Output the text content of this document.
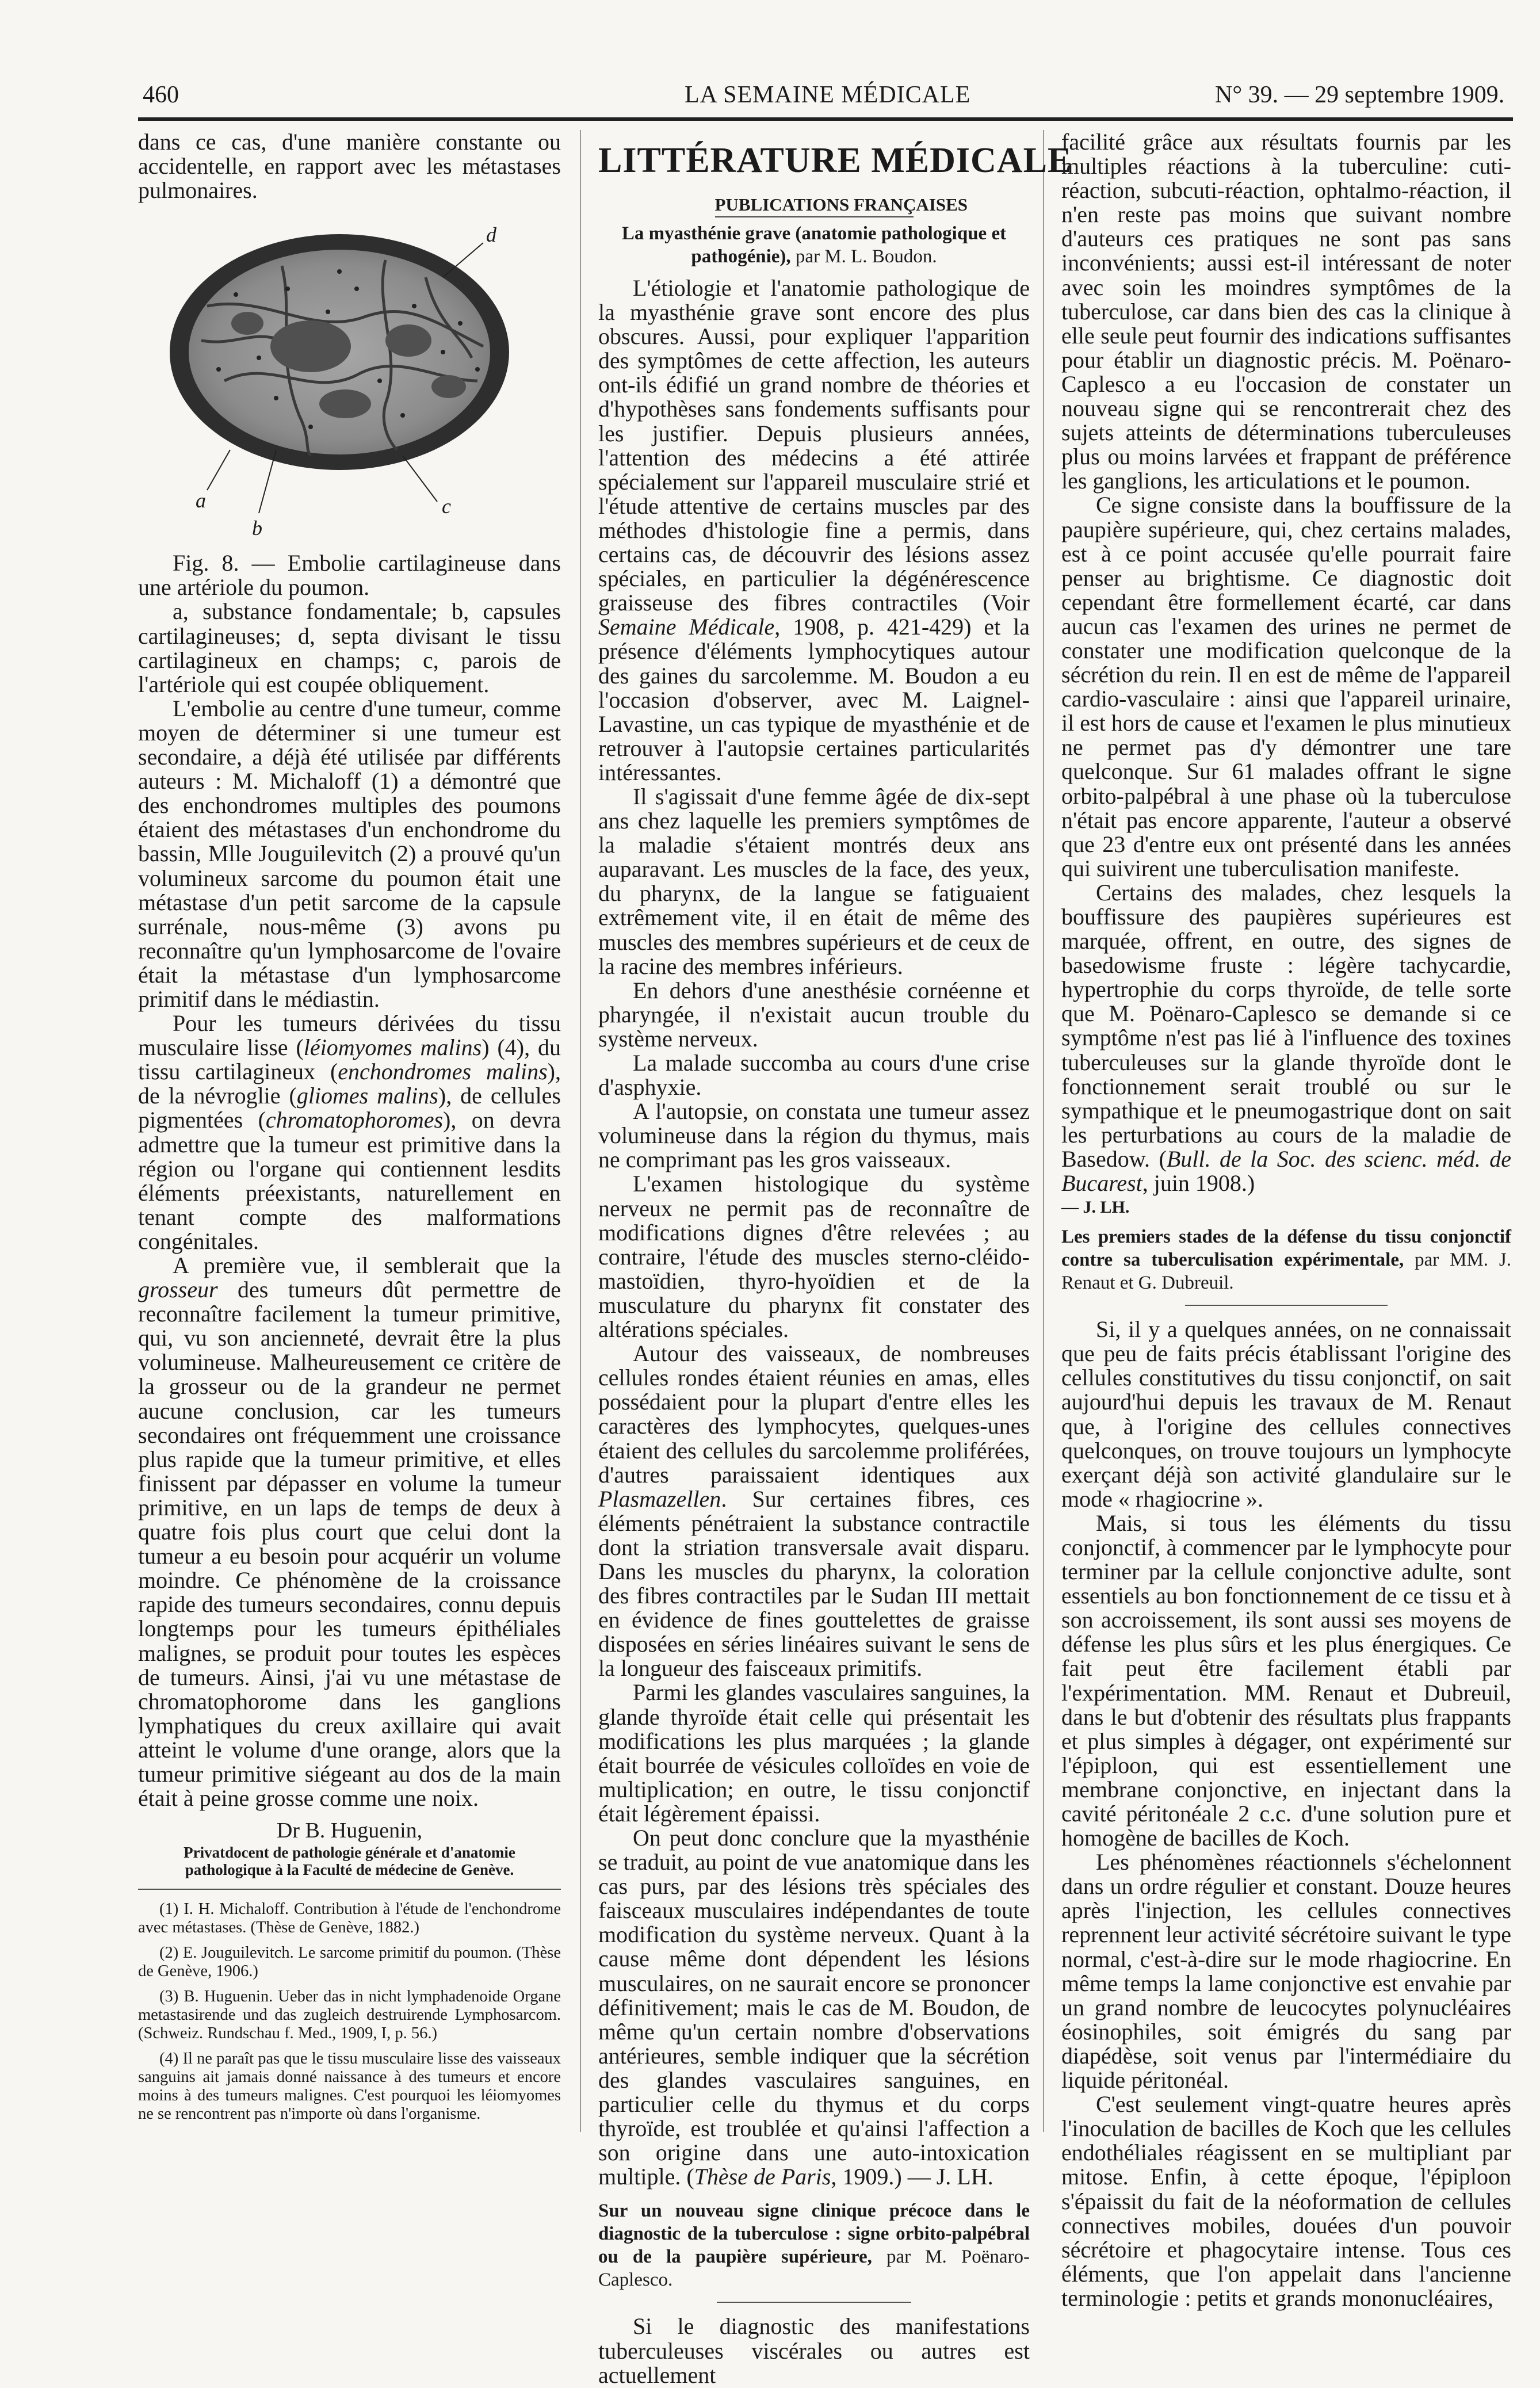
460	LA SEMAINE MÉDICALE	N° 39. — 29 septembre 1909.

dans ce cas, d'une manière constante ou accidentelle, en rapport avec les métastases pulmonaires.

d
a
b
c

Fig. 8. — Embolie cartilagineuse dans une artériole du poumon.

a, substance fondamentale; b, capsules cartilagineuses; d, septa divisant le tissu cartilagineux en champs; c, parois de l'artériole qui est coupée obliquement.

L'embolie au centre d'une tumeur, comme moyen de déterminer si une tumeur est secondaire, a déjà été utilisée par différents auteurs : M. Michaloff (1) a démontré que des enchondromes multiples des poumons étaient des métastases d'un enchondrome du bassin, Mlle Jouguilevitch (2) a prouvé qu'un volumineux sarcome du poumon était une métastase d'un petit sarcome de la capsule surrénale, nous-même (3) avons pu reconnaître qu'un lymphosarcome de l'ovaire était la métastase d'un lymphosarcome primitif dans le médiastin.

Pour les tumeurs dérivées du tissu musculaire lisse (léiomyomes malins) (4), du tissu cartilagineux (enchondromes malins), de la névroglie (gliomes malins), de cellules pigmentées (chromatophoromes), on devra admettre que la tumeur est primitive dans la région ou l'organe qui contiennent lesdits éléments préexistants, naturellement en tenant compte des malformations congénitales.

A première vue, il semblerait que la grosseur des tumeurs dût permettre de reconnaître facilement la tumeur primitive, qui, vu son ancienneté, devrait être la plus volumineuse. Malheureusement ce critère de la grosseur ou de la grandeur ne permet aucune conclusion, car les tumeurs secondaires ont fréquemment une croissance plus rapide que la tumeur primitive, et elles finissent par dépasser en volume la tumeur primitive, en un laps de temps de deux à quatre fois plus court que celui dont la tumeur a eu besoin pour acquérir un volume moindre. Ce phénomène de la croissance rapide des tumeurs secondaires, connu depuis longtemps pour les tumeurs épithéliales malignes, se produit pour toutes les espèces de tumeurs. Ainsi, j'ai vu une métastase de chromatophorome dans les ganglions lymphatiques du creux axillaire qui avait atteint le volume d'une orange, alors que la tumeur primitive siégeant au dos de la main était à peine grosse comme une noix.

Dr B. Huguenin,
Privatdocent de pathologie générale et d'anatomie pathologique à la Faculté de médecine de Genève.

(1) I. H. Michaloff. Contribution à l'étude de l'enchondrome avec métastases. (Thèse de Genève, 1882.)

(2) E. Jouguilevitch. Le sarcome primitif du poumon. (Thèse de Genève, 1906.)

(3) B. Huguenin. Ueber das in nicht lymphadenoide Organe metastasirende und das zugleich destruirende Lymphosarcom. (Schweiz. Rundschau f. Med., 1909, I, p. 56.)

(4) Il ne paraît pas que le tissu musculaire lisse des vaisseaux sanguins ait jamais donné naissance à des tumeurs et encore moins à des tumeurs malignes. C'est pourquoi les léiomyomes ne se rencontrent pas n'importe où dans l'organisme.

LITTÉRATURE MÉDICALE
PUBLICATIONS FRANÇAISES
La myasthénie grave (anatomie pathologique et pathogénie), par M. L. Boudon.

L'étiologie et l'anatomie pathologique de la myasthénie grave sont encore des plus obscures. Aussi, pour expliquer l'apparition des symptômes de cette affection, les auteurs ont-ils édifié un grand nombre de théories et d'hypothèses sans fondements suffisants pour les justifier. Depuis plusieurs années, l'attention des médecins a été attirée spécialement sur l'appareil musculaire strié et l'étude attentive de certains muscles par des méthodes d'histologie fine a permis, dans certains cas, de découvrir des lésions assez spéciales, en particulier la dégénérescence graisseuse des fibres contractiles (Voir Semaine Médicale, 1908, p. 421-429) et la présence d'éléments lymphocytiques autour des gaines du sarcolemme. M. Boudon a eu l'occasion d'observer, avec M. Laignel-Lavastine, un cas typique de myasthénie et de retrouver à l'autopsie certaines particularités intéressantes.

Il s'agissait d'une femme âgée de dix-sept ans chez laquelle les premiers symptômes de la maladie s'étaient montrés deux ans auparavant. Les muscles de la face, des yeux, du pharynx, de la langue se fatiguaient extrêmement vite, il en était de même des muscles des membres supérieurs et de ceux de la racine des membres inférieurs.

En dehors d'une anesthésie cornéenne et pharyngée, il n'existait aucun trouble du système nerveux.

La malade succomba au cours d'une crise d'asphyxie.

A l'autopsie, on constata une tumeur assez volumineuse dans la région du thymus, mais ne comprimant pas les gros vaisseaux.

L'examen histologique du système nerveux ne permit pas de reconnaître de modifications dignes d'être relevées ; au contraire, l'étude des muscles sterno-cléido-mastoïdien, thyro-hyoïdien et de la musculature du pharynx fit constater des altérations spéciales.

Autour des vaisseaux, de nombreuses cellules rondes étaient réunies en amas, elles possédaient pour la plupart d'entre elles les caractères des lymphocytes, quelques-unes étaient des cellules du sarcolemme proliférées, d'autres paraissaient identiques aux Plasmazellen. Sur certaines fibres, ces éléments pénétraient la substance contractile dont la striation transversale avait disparu. Dans les muscles du pharynx, la coloration des fibres contractiles par le Sudan III mettait en évidence de fines gouttelettes de graisse disposées en séries linéaires suivant le sens de la longueur des faisceaux primitifs.

Parmi les glandes vasculaires sanguines, la glande thyroïde était celle qui présentait les modifications les plus marquées ; la glande était bourrée de vésicules colloïdes en voie de multiplication; en outre, le tissu conjonctif était légèrement épaissi.

On peut donc conclure que la myasthénie se traduit, au point de vue anatomique dans les cas purs, par des lésions très spéciales des faisceaux musculaires indépendantes de toute modification du système nerveux. Quant à la cause même dont dépendent les lésions musculaires, on ne saurait encore se prononcer définitivement; mais le cas de M. Boudon, de même qu'un certain nombre d'observations antérieures, semble indiquer que la sécrétion des glandes vasculaires sanguines, en particulier celle du thymus et du corps thyroïde, est troublée et qu'ainsi l'affection a son origine dans une auto-intoxication multiple. (Thèse de Paris, 1909.) — J. LH.

Sur un nouveau signe clinique précoce dans le diagnostic de la tuberculose : signe orbito-palpébral ou de la paupière supérieure, par M. Poënaro-Caplesco.

Si le diagnostic des manifestations tuberculeuses viscérales ou autres est actuellement

facilité grâce aux résultats fournis par les multiples réactions à la tuberculine: cuti-réaction, subcuti-réaction, ophtalmo-réaction, il n'en reste pas moins que suivant nombre d'auteurs ces pratiques ne sont pas sans inconvénients; aussi est-il intéressant de noter avec soin les moindres symptômes de la tuberculose, car dans bien des cas la clinique à elle seule peut fournir des indications suffisantes pour établir un diagnostic précis. M. Poënaro-Caplesco a eu l'occasion de constater un nouveau signe qui se rencontrerait chez des sujets atteints de déterminations tuberculeuses plus ou moins larvées et frappant de préférence les ganglions, les articulations et le poumon.

Ce signe consiste dans la bouffissure de la paupière supérieure, qui, chez certains malades, est à ce point accusée qu'elle pourrait faire penser au brightisme. Ce diagnostic doit cependant être formellement écarté, car dans aucun cas l'examen des urines ne permet de constater une modification quelconque de la sécrétion du rein. Il en est de même de l'appareil cardio-vasculaire : ainsi que l'appareil urinaire, il est hors de cause et l'examen le plus minutieux ne permet pas d'y démontrer une tare quelconque. Sur 61 malades offrant le signe orbito-palpébral à une phase où la tuberculose n'était pas encore apparente, l'auteur a observé que 23 d'entre eux ont présenté dans les années qui suivirent une tuberculisation manifeste.

Certains des malades, chez lesquels la bouffissure des paupières supérieures est marquée, offrent, en outre, des signes de basedowisme fruste : légère tachycardie, hypertrophie du corps thyroïde, de telle sorte que M. Poënaro-Caplesco se demande si ce symptôme n'est pas lié à l'influence des toxines tuberculeuses sur la glande thyroïde dont le fonctionnement serait troublé ou sur le sympathique et le pneumogastrique dont on sait les perturbations au cours de la maladie de Basedow. (Bull. de la Soc. des scienc. méd. de Bucarest, juin 1908.)

— J. LH.
Les premiers stades de la défense du tissu conjonctif contre sa tuberculisation expérimentale, par MM. J. Renaut et G. Dubreuil.

Si, il y a quelques années, on ne connaissait que peu de faits précis établissant l'origine des cellules constitutives du tissu conjonctif, on sait aujourd'hui depuis les travaux de M. Renaut que, à l'origine des cellules connectives quelconques, on trouve toujours un lymphocyte exerçant déjà son activité glandulaire sur le mode « rhagiocrine ».

Mais, si tous les éléments du tissu conjonctif, à commencer par le lymphocyte pour terminer par la cellule conjonctive adulte, sont essentiels au bon fonctionnement de ce tissu et à son accroissement, ils sont aussi ses moyens de défense les plus sûrs et les plus énergiques. Ce fait peut être facilement établi par l'expérimentation. MM. Renaut et Dubreuil, dans le but d'obtenir des résultats plus frappants et plus simples à dégager, ont expérimenté sur l'épiploon, qui est essentiellement une membrane conjonctive, en injectant dans la cavité péritonéale 2 c.c. d'une solution pure et homogène de bacilles de Koch.

Les phénomènes réactionnels s'échelonnent dans un ordre régulier et constant. Douze heures après l'injection, les cellules connectives reprennent leur activité sécrétoire suivant le type normal, c'est-à-dire sur le mode rhagiocrine. En même temps la lame conjonctive est envahie par un grand nombre de leucocytes polynucléaires éosinophiles, soit émigrés du sang par diapédèse, soit venus par l'intermédiaire du liquide péritonéal.

C'est seulement vingt-quatre heures après l'inoculation de bacilles de Koch que les cellules endothéliales réagissent en se multipliant par mitose. Enfin, à cette époque, l'épiploon s'épaissit du fait de la néoformation de cellules connectives mobiles, douées d'un pouvoir sécrétoire et phagocytaire intense. Tous ces éléments, que l'on appelait dans l'ancienne terminologie : petits et grands mononucléaires,
